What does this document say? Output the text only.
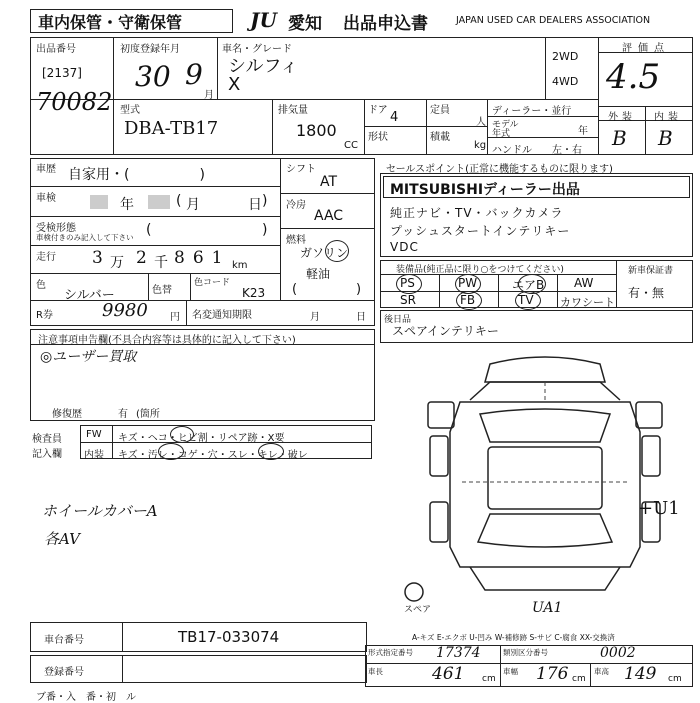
車内保管・守衛保管	JU 愛知 出品申込書	JAPAN USED CAR DEALERS ASSOCIATION
出品番号
[2137]
70082
初度登録年月
30 9
月
車名・グレード
シルフィ
X
2WD
4WD
評価点
4.5
外装 内装
B B
型式
DBA-TB17
排気量
1800
CC
ドア 4	定員
人
形状	積載
kg
ディーラー・並行
モデル
年式	年
ハンドル 左・右
車歴 自家用・(　　　　　)	シフト
AT
車検	年	月	日
(	) 冷房
AAC
受検形態
車検付きのみ記入して下さい (	)
燃料
ガソリン
軽油
(	)
走行 3 万 2 千 861 km
色
シルバー	色替
色コード
K23
R券	9980 円 名変通知期限	月	日
セールスポイント(正常に機能するものに限ります)
MITSUBISHIディーラー出品
純正ナビ・TV・バックカメラ
プッシュスタートインテリキー
VDC
装備品(純正品に限り○をつけてください)
PS	PW	エアB AW
SR	FB	TV カワシート
新車保証書
有・無
後日品
スペアインテリキー
注意事項申告欄(不具合内容等は具体的に記入して下さい)
◎ユーザー買取
修復歴	有 (箇所
検査員
記入欄
FW キズ・ヘコ・ヒビ割・リペア跡・X要
内装 キズ・汚レ・コゲ・穴・スレ・キレ・破レ
ホイールカバーA
各AV
+U1
UA1
スペア
A-キズ E-エクボ U-凹み W-補修跡 S-サビ C-腐食 XX-交換済
車台番号	TB17-033074
登録番号
形式指定番号 17374	類別区分番号	0002
車長	461 cm
車幅 176 cm
車高 149 cm
ブ番・入　番・初　ル
